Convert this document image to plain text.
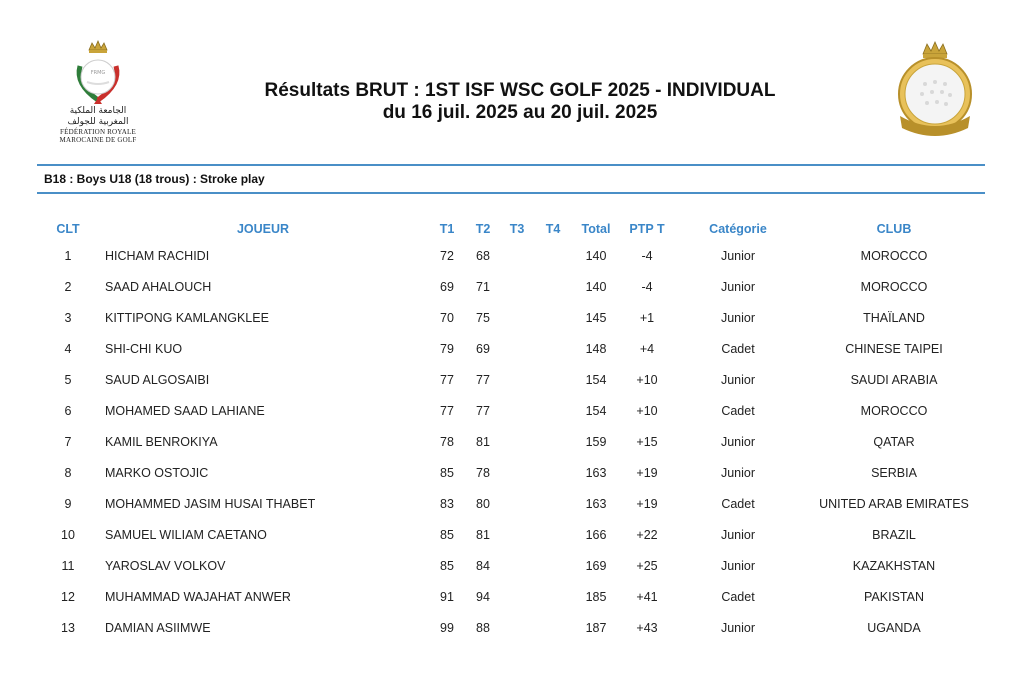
FRMG
الجامعة الملكية
المغربية للجولف
FÉDÉRATION ROYALE
MAROCAINE DE GOLF
Résultats BRUT : 1ST ISF WSC GOLF 2025 - INDIVIDUAL
du 16 juil. 2025 au 20 juil. 2025
B18 : Boys U18 (18 trous) : Stroke play
CLT	JOUEUR	T1	T2	T3	T4	Total	PTP T	Catégorie	CLUB
1	HICHAM RACHIDI	72	68			140	-4	Junior	MOROCCO
2	SAAD AHALOUCH	69	71			140	-4	Junior	MOROCCO
3	KITTIPONG KAMLANGKLEE	70	75			145	+1	Junior	THAÏLAND
4	SHI-CHI KUO	79	69			148	+4	Cadet	CHINESE TAIPEI
5	SAUD ALGOSAIBI	77	77			154	+10	Junior	SAUDI ARABIA
6	MOHAMED SAAD LAHIANE	77	77			154	+10	Cadet	MOROCCO
7	KAMIL BENROKIYA	78	81			159	+15	Junior	QATAR
8	MARKO OSTOJIC	85	78			163	+19	Junior	SERBIA
9	MOHAMMED JASIM HUSAI THABET	83	80			163	+19	Cadet	UNITED ARAB EMIRATES
10	SAMUEL WILIAM CAETANO	85	81			166	+22	Junior	BRAZIL
11	YAROSLAV VOLKOV	85	84			169	+25	Junior	KAZAKHSTAN
12	MUHAMMAD WAJAHAT ANWER	91	94			185	+41	Cadet	PAKISTAN
13	DAMIAN ASIIMWE	99	88			187	+43	Junior	UGANDA
